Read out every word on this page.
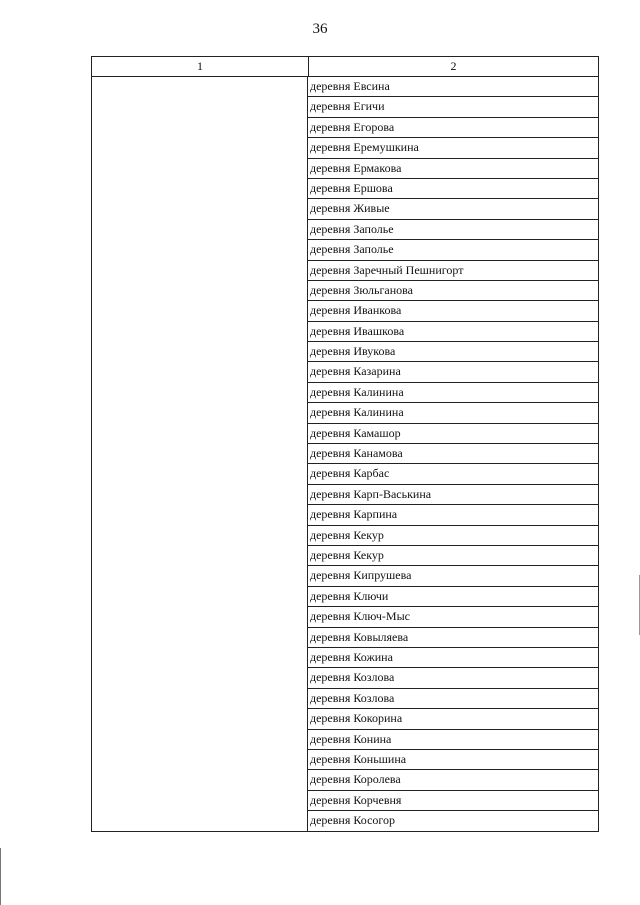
36
1	2
деревня Евсина
деревня Егичи
деревня Егорова
деревня Еремушкина
деревня Ермакова
деревня Ершова
деревня Живые
деревня Заполье
деревня Заполье
деревня Заречный Пешнигорт
деревня Зюльганова
деревня Иванкова
деревня Ивашкова
деревня Ивукова
деревня Казарина
деревня Калинина
деревня Калинина
деревня Камашор
деревня Канамова
деревня Карбас
деревня Карп-Васькина
деревня Карпина
деревня Кекур
деревня Кекур
деревня Кипрушева
деревня Ключи
деревня Ключ-Мыс
деревня Ковыляева
деревня Кожина
деревня Козлова
деревня Козлова
деревня Кокорина
деревня Конина
деревня Коньшина
деревня Королева
деревня Корчевня
деревня Косогор
